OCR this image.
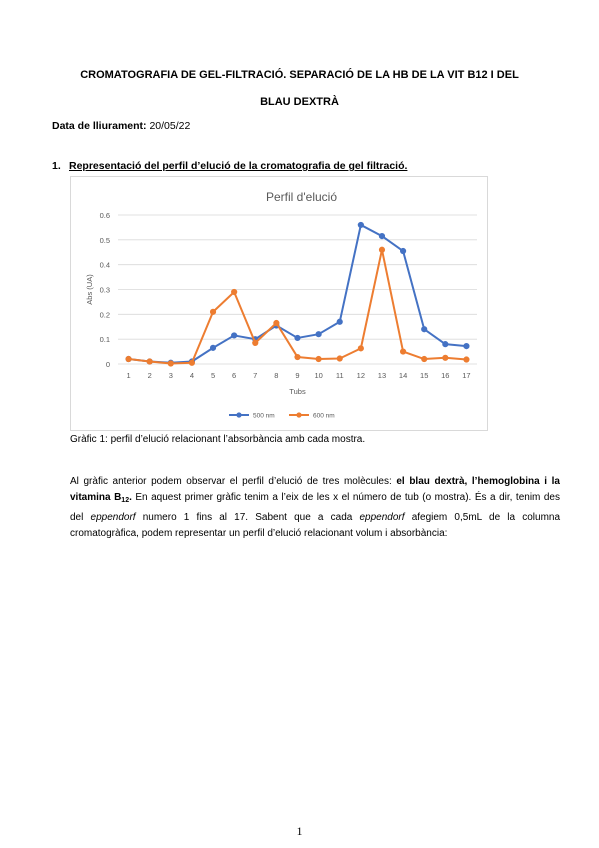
CROMATOGRAFIA DE GEL-FILTRACIÓ. SEPARACIÓ DE LA HB DE LA VIT B12 I DEL
BLAU DEXTRÀ
Data de lliurament: 20/05/22
1. Representació del perfil d’elució de la cromatografia de gel filtració.
Perfil d'elució
0
0.1
0.2
0.3
0.4
0.5
0.6
1 2 3 4 5 6 7 8 9 10 11 12 13 14 15 16 17
Tubs
Abs (UA)
500 nm	600 nm
Gràfic 1: perfil d’elució relacionant l’absorbància amb cada mostra.

Al gràfic anterior podem observar el perfil d’elució de tres molècules: el blau dextrà, l’hemoglobina i la vitamina $B_{12}$. En aquest primer gràfic tenim a l’eix de les x el número de tub (o mostra). És a dir, tenim des del eppendorf numero 1 fins al 17. Sabent que a cada eppendorf afegiem 0,5mL de la columna cromatogràfica, podem representar un perfil d’elució relacionant volum i absorbància:

1
